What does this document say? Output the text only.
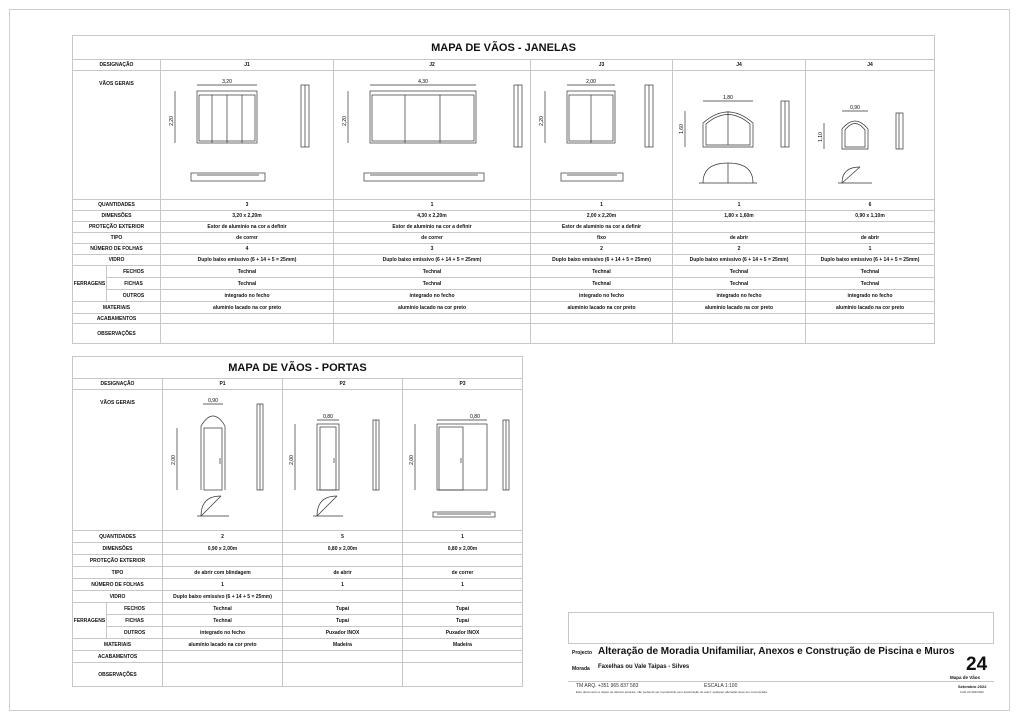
MAPA DE VÃOS - JANELAS						
DESIGNAÇÃO		J1	J2	J3	J4	J4
VÃOS GERAIS		3,20
2,20	4,30
2,20	2,00
2,20	1,80
1,60	0,90
1,10

QUANTIDADES		3	1	1	1	6
DIMENSÕES		3,20 x 2,20m	4,30 x 2,20m	2,00 x 2,20m	1,80 x 1,60m	0,90 x 1,10m
PROTEÇÃO EXTERIOR		Estor de alumínio na cor a definir	Estor de alumínio na cor a definir	Estor de alumínio na cor a definir		
TIPO		de correr	de correr	fixo	de abrir	de abrir
NÚMERO DE FOLHAS		4	3	2	2	1
VIDRO		Duplo baixo emissivo (6 + 14 + 5 = 25mm)	Duplo baixo emissivo (6 + 14 + 5 = 25mm)	Duplo baixo emissivo (6 + 14 + 5 = 25mm)	Duplo baixo emissivo (6 + 14 + 5 = 25mm)	Duplo baixo emissivo (6 + 14 + 5 = 25mm)
FERRAGENS	FECHOS	Technal	Technal	Technal	Technal	Technal
	FICHAS	Technal	Technal	Technal	Technal	Technal
	OUTROS	integrado no fecho	integrado no fecho	integrado no fecho	integrado no fecho	integrado no fecho
MATERIAIS		alumínio lacado na cor preto	alumínio lacado na cor preto	alumínio lacado na cor preto	alumínio lacado na cor preto	alumínio lacado na cor preto
ACABAMENTOS						
OBSERVAÇÕES						
MAPA DE VÃOS - PORTAS				
DESIGNAÇÃO		P1	P2	P3
VÃOS GERAIS		0,90
2,00	0,80
2,00	0,80
2,00

QUANTIDADES		2	5	1
DIMENSÕES		0,90 x 2,00m	0,80 x 2,00m	0,80 x 2,00m
PROTEÇÃO EXTERIOR				
TIPO		de abrir com blindagem	de abrir	de correr
NÚMERO DE FOLHAS		1	1	1
VIDRO		Duplo baixo emissivo (6 + 14 + 5 = 25mm)		
FERRAGENS	FECHOS	Technal	Tupai	Tupai
	FICHAS	Technal	Tupai	Tupai
	OUTROS	integrado no fecho	Puxador INOX	Puxador INOX
MATERIAIS		alumínio lacado na cor preto	Madeira	Madeira
ACABAMENTOS				
OBSERVAÇÕES				
Projecto Alteração de Moradia Unifamiliar, Anexos e Construção de Piscina e Muros
Morada Faxelhas ou Vale Taipas - Silves	24
Mapa de Vãos
Setembro 2022
TM ARQ. +351 965 837 583	ESCALA 1:100
Este documento é objeto de direitos autorais, não podendo ser reproduzido sem autorização do autor; qualquer alteração deve ser comunicada.	CAD 22 0022/022
